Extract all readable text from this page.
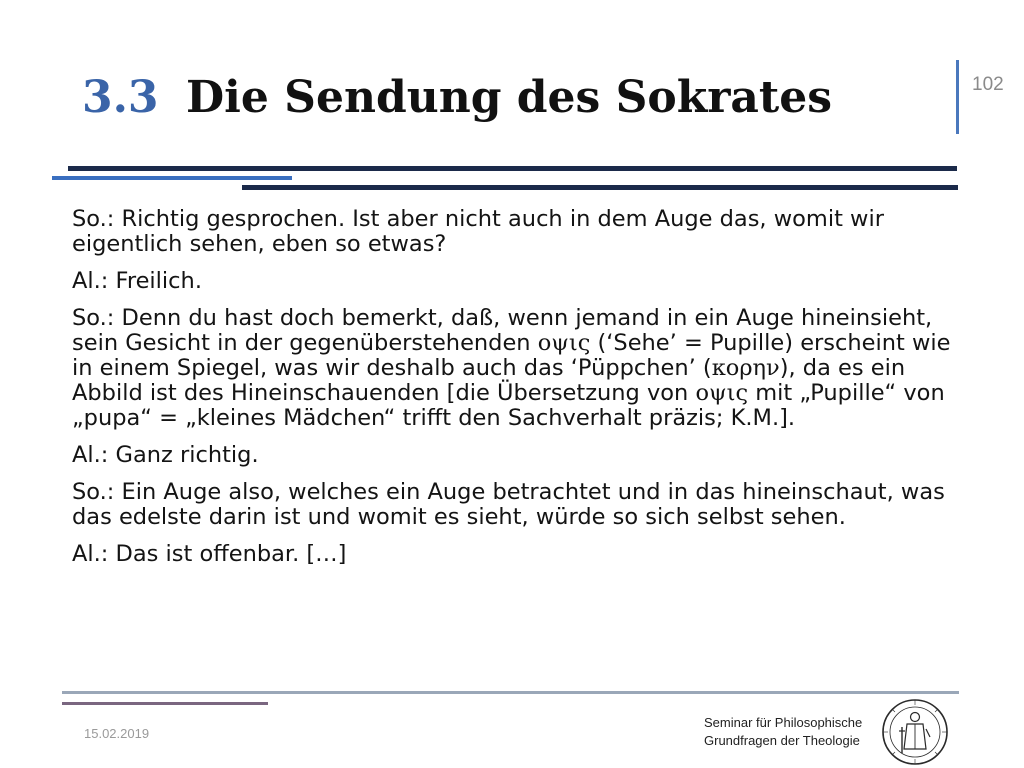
3.3 Die Sendung des Sokrates	102

So.: Richtig gesprochen. Ist aber nicht auch in dem Auge das, womit wir eigentlich sehen, eben so etwas?

Al.: Freilich.

So.: Denn du hast doch bemerkt, daß, wenn jemand in ein Auge hineinsieht, sein Gesicht in der gegenüberstehenden οψις (‘Sehe’ = Pupille) erscheint wie in einem Spiegel, was wir deshalb auch das ‘Püppchen’ (κορην), da es ein Abbild ist des Hineinschauenden [die Übersetzung von οψις mit „Pupille“ von „pupa“ = „kleines Mädchen“ trifft den Sachverhalt präzis; K.M.].

Al.: Ganz richtig.

So.: Ein Auge also, welches ein Auge betrachtet und in das hineinschaut, was das edelste darin ist und womit es sieht, würde so sich selbst sehen.

Al.: Das ist offenbar. […]

15.02.2019
Seminar für Philosophische
Grundfragen der Theologie
